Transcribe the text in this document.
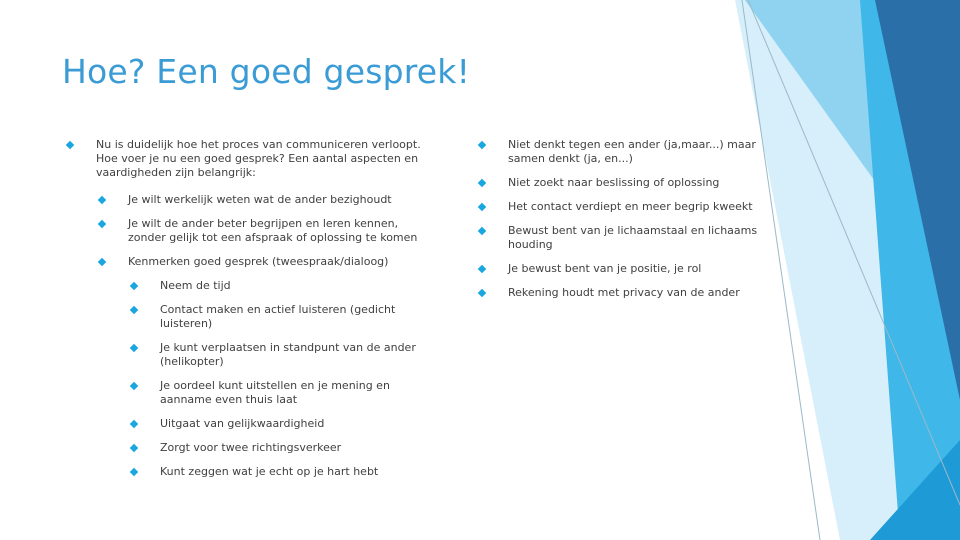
Hoe? Een goed gesprek!
Nu is duidelijk hoe het proces van communiceren verloopt. Hoe voer je nu een goed gesprek? Een aantal aspecten en vaardigheden zijn belangrijk:
Je wilt werkelijk weten wat de ander bezighoudt
Je wilt de ander beter begrijpen en leren kennen, zonder gelijk tot een afspraak of oplossing te komen
Kenmerken goed gesprek (tweespraak/dialoog)
Neem de tijd
Contact maken en actief luisteren (gedicht luisteren)
Je kunt verplaatsen in standpunt van de ander (helikopter)
Je oordeel kunt uitstellen en je mening en aanname even thuis laat
Uitgaat van gelijkwaardigheid
Zorgt voor twee richtingsverkeer
Kunt zeggen wat je echt op je hart hebt
Niet denkt tegen een ander (ja,maar...) maar samen denkt (ja, en...)
Niet zoekt naar beslissing of oplossing
Het contact verdiept en meer begrip kweekt
Bewust bent van je lichaamstaal en lichaams houding
Je bewust bent van je positie, je rol
Rekening houdt met privacy van de ander
